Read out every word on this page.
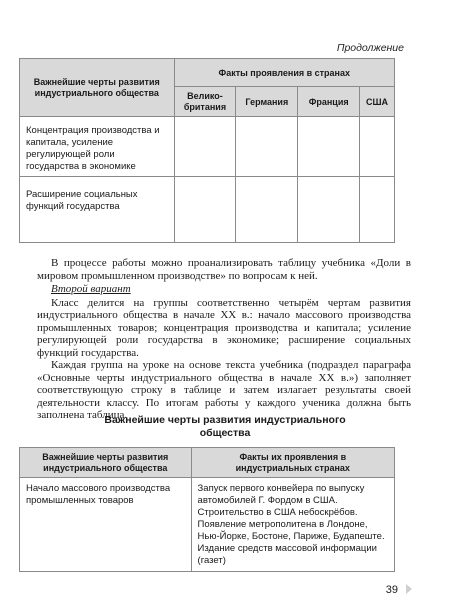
Продолжение
Важнейшие черты развития индустриального общества	Факты проявления в странах			
	Велико-британия	Германия	Франция	США
Концентрация производства и капитала, усиление регулирующей роли государства в экономике				
Расширение социальных функций государства				

В процессе работы можно проанализировать таблицу учебника «Доли в мировом промышленном производстве» по вопросам к ней.

Второй вариант

Класс делится на группы соответственно четырём чертам развития индустриального общества в начале XX в.: начало массового производства промышленных товаров; концентрация производства и капитала; усиление регулирующей роли государства в экономике; расширение социальных функций государства.

Каждая группа на уроке на основе текста учебника (подраздел параграфа «Основные черты индустриального общества в начале XX в.») заполняет соответствующую строку в таблице и затем излагает результаты своей деятельности классу. По итогам работы у каждого ученика должна быть заполнена таблица.

Важнейшие черты развития индустриального общества
Важнейшие черты развития индустриального общества	Факты их проявления в индустриальных странах
Начало массового производства промышленных товаров	Запуск первого конвейера по выпуску автомобилей Г. Фордом в США.
Строительство в США небоскрёбов.
Появление метрополитена в Лондоне, Нью-Йорке, Бостоне, Париже, Будапеште.
Издание средств массовой информации (газет)
39
